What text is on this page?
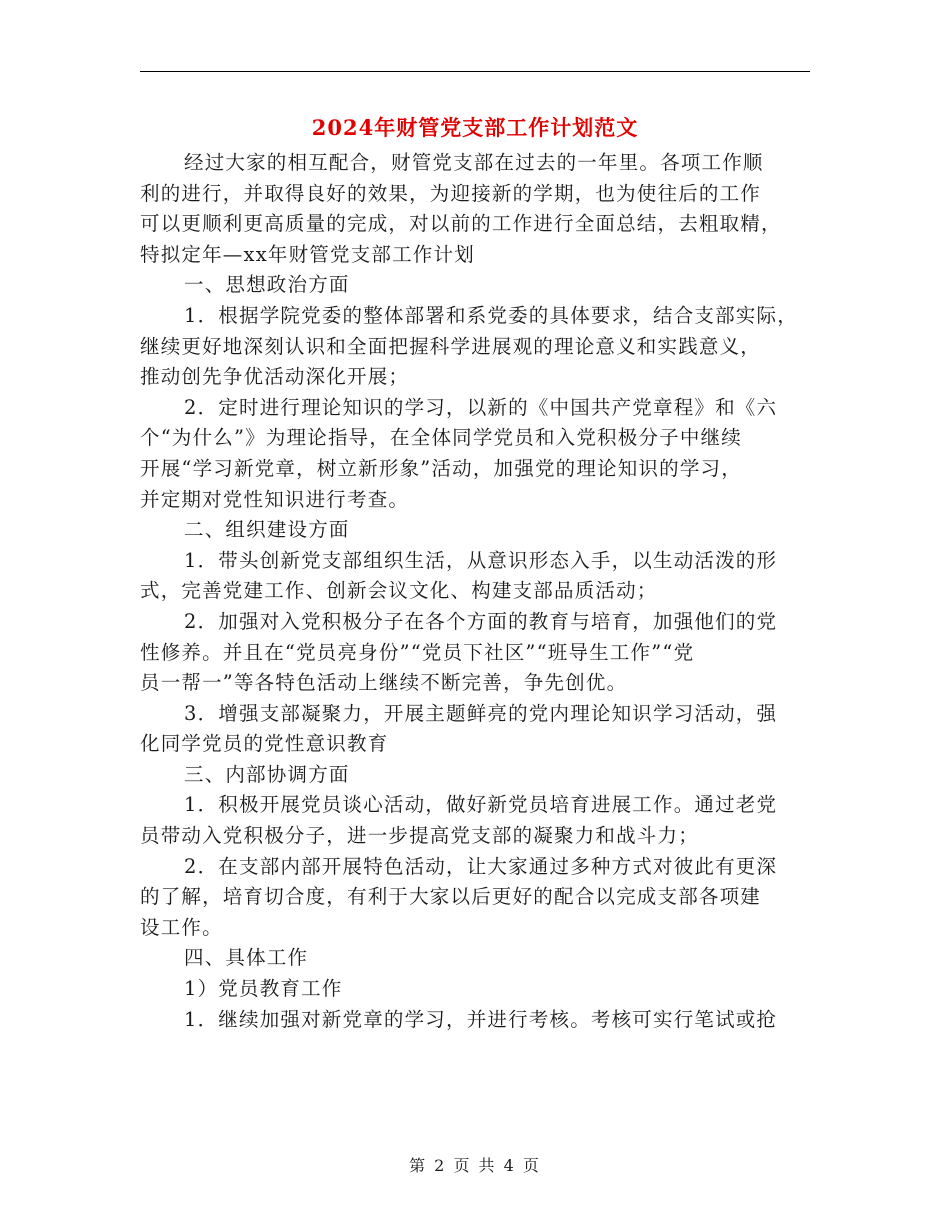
2024年财管党支部工作计划范文
经过大家的相互配合，财管党支部在过去的一年里。各项工作顺
利的进行，并取得良好的效果，为迎接新的学期，也为使往后的工作
可以更顺利更高质量的完成，对以前的工作进行全面总结，去粗取精，
特拟定年—xx年财管党支部工作计划
一、思想政治方面
1．根据学院党委的整体部署和系党委的具体要求，结合支部实际，
继续更好地深刻认识和全面把握科学进展观的理论意义和实践意义，
推动创先争优活动深化开展；
2．定时进行理论知识的学习，以新的《中国共产党章程》和《六
个“为什么”》为理论指导，在全体同学党员和入党积极分子中继续
开展“学习新党章，树立新形象”活动，加强党的理论知识的学习，
并定期对党性知识进行考查。
二、组织建设方面
1．带头创新党支部组织生活，从意识形态入手，以生动活泼的形
式，完善党建工作、创新会议文化、构建支部品质活动；
2．加强对入党积极分子在各个方面的教育与培育，加强他们的党
性修养。并且在“党员亮身份”“党员下社区”“班导生工作”“党
员一帮一”等各特色活动上继续不断完善，争先创优。
3．增强支部凝聚力，开展主题鲜亮的党内理论知识学习活动，强
化同学党员的党性意识教育
三、内部协调方面
1．积极开展党员谈心活动，做好新党员培育进展工作。通过老党
员带动入党积极分子，进一步提高党支部的凝聚力和战斗力；
2．在支部内部开展特色活动，让大家通过多种方式对彼此有更深
的了解，培育切合度，有利于大家以后更好的配合以完成支部各项建
设工作。
四、具体工作
1）党员教育工作
1．继续加强对新党章的学习，并进行考核。考核可实行笔试或抢
第 2 页 共 4 页
